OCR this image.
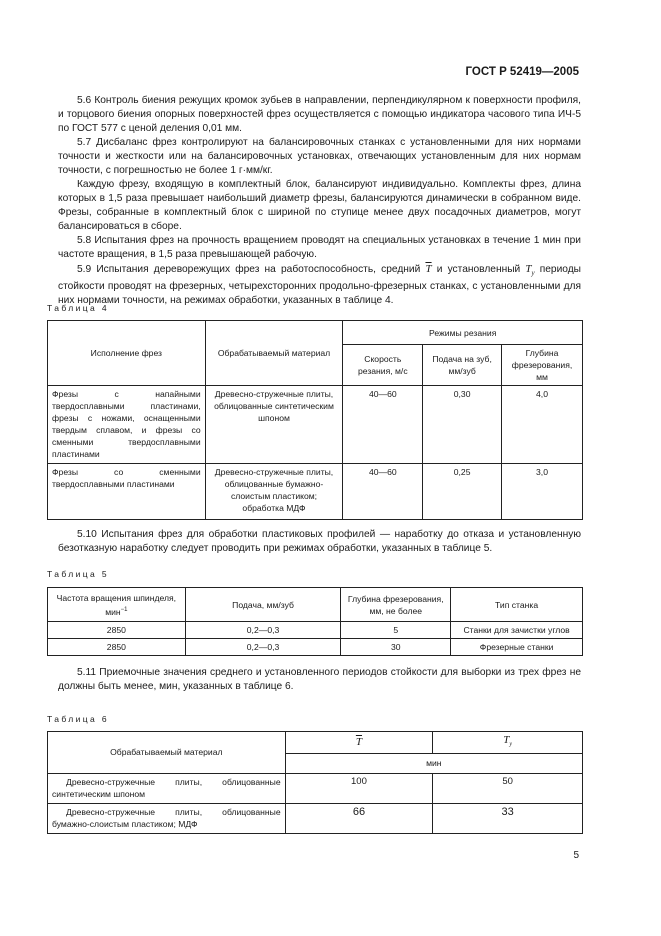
ГОСТ Р 52419—2005

5.6 Контроль биения режущих кромок зубьев в направлении, перпендикулярном к поверхности профиля, и торцового биения опорных поверхностей фрез осуществляется с помощью индикатора часового типа ИЧ-5 по ГОСТ 577 с ценой деления 0,01 мм.

5.7 Дисбаланс фрез контролируют на балансировочных станках с установленными для них нормами точности и жесткости или на балансировочных установках, отвечающих установленным для них нормам точности, с погрешностью не более 1 г·мм/кг.

Каждую фрезу, входящую в комплектный блок, балансируют индивидуально. Комплекты фрез, длина которых в 1,5 раза превышает наибольший диаметр фрезы, балансируются динамически в собранном виде. Фрезы, собранные в комплектный блок с шириной по ступице менее двух посадочных диаметров, могут балансироваться в сборе.

5.8 Испытания фрез на прочность вращением проводят на специальных установках в течение 1 мин при частоте вращения, в 1,5 раза превышающей рабочую.

5.9 Испытания дереворежущих фрез на работоспособность, средний $\overline{T}$ и установленный $T_y$ периоды стойкости проводят на фрезерных, четырехсторонних продольно-фрезерных станках, с установленными для них нормами точности, на режимах обработки, указанных в таблице 4.

Таблица 4
Исполнение фрез	Обрабатываемый материал	Режимы резания		
		Скорость резания, м/с	Подача на зуб, мм/зуб	Глубина фрезерования, мм
Фрезы с напайными твердосплавными пластинами, фрезы с ножами, оснащенными твердым сплавом, и фрезы со сменными твердосплавными пластинами	Древесно-стружечные плиты, облицованные синтетическим шпоном	40—60	0,30	4,0
Фрезы со сменными твердосплавными пластинами	Древесно-стружечные плиты, облицованные бумажно-слоистым пластиком; обработка МДФ	40—60	0,25	3,0

5.10 Испытания фрез для обработки пластиковых профилей — наработку до отказа и установленную безотказную наработку следует проводить при режимах обработки, указанных в таблице 5.

Таблица 5
Частота вращения шпинделя, мин$^{-1}$	Подача, мм/зуб	Глубина фрезерования, мм, не более	Тип станка
2850	0,2—0,3	5	Станки для зачистки углов
2850	0,2—0,3	30	Фрезерные станки

5.11 Приемочные значения среднего и установленного периодов стойкости для выборки из трех фрез не должны быть менее, мин, указанных в таблице 6.

Таблица 6
Обрабатываемый материал	$\overline{T}$	$T_y$
	мин	
Древесно-стружечные плиты, облицованные синтетическим шпоном	100	50
Древесно-стружечные плиты, облицованные бумажно-слоистым пластиком; МДФ	66	33
5
